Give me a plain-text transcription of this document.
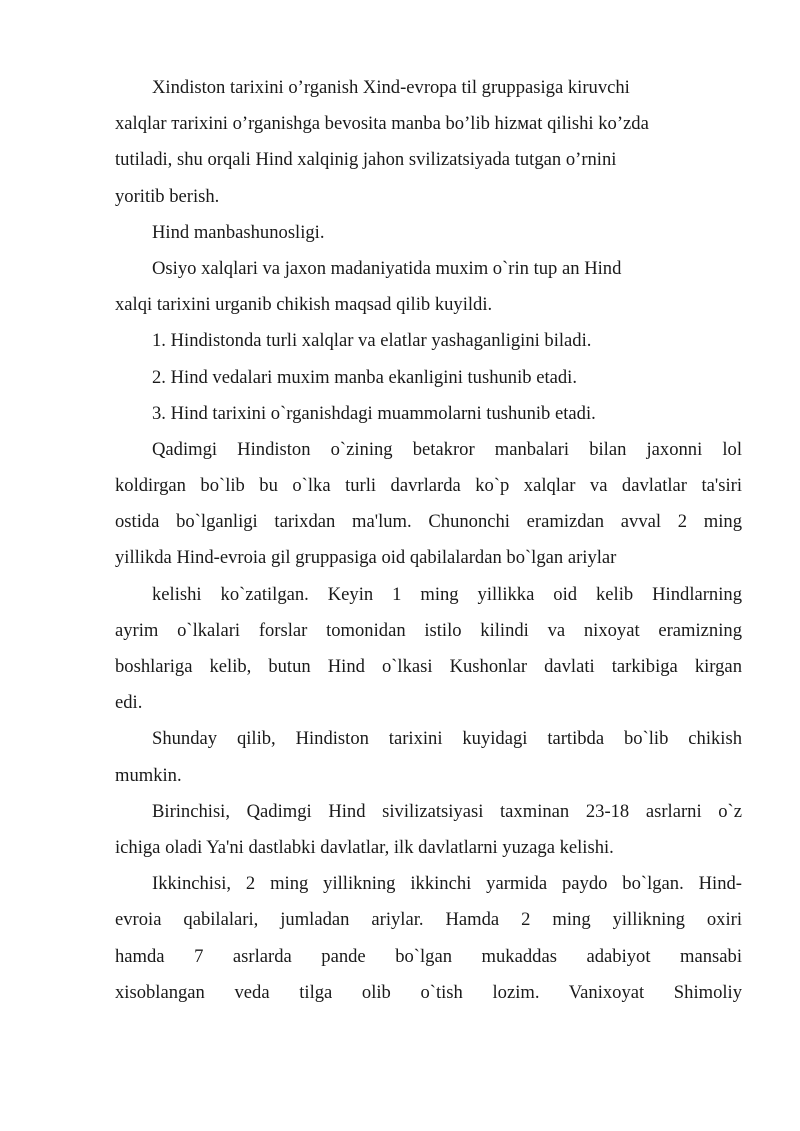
Xindiston tarixini o’rganish Xind-evropa til gruppasiga kiruvchi
xalqlar тarixini o’rganishga bevosita manba bo’lib hizмat qilishi ko’zda
tutiladi, shu orqali Hind xalqinig jahon svilizatsiyada tutgan o’rnini
yoritib berish.
Hind manbashunosligi.
Osiyo xalqlari va jaxon madaniyatida muxim o`rin tup an Hind
xalqi tarixini urganib chikish maqsad qilib kuyildi.
1. Hindistonda turli xalqlar va elatlar yashaganligini biladi.
2. Hind vedalari muxim manba ekanligini tushunib etadi.
3. Hind tarixini o`rganishdagi muammolarni tushunib etadi.
Qadimgi Hindiston o`zining betakror manbalari bilan jaxonni lol
koldirgan bo`lib bu o`lka turli davrlarda ko`p xalqlar va davlatlar ta'siri
ostida bo`lganligi tarixdan ma'lum. Chunonchi eramizdan avval 2 ming
yillikda Hind-evroia gil gruppasiga oid qabilalardan bo`lgan ariylar
kelishi ko`zatilgan. Keyin 1 ming yillikka oid kelib Hindlarning
ayrim o`lkalari forslar tomonidan istilo kilindi va nixoyat eramizning
boshlariga kelib, butun Hind o`lkasi Kushonlar davlati tarkibiga kirgan
edi.
Shunday qilib, Hindiston tarixini kuyidagi tartibda bo`lib chikish
mumkin.
Birinchisi, Qadimgi Hind sivilizatsiyasi taxminan 23-18 asrlarni o`z
ichiga oladi Ya'ni dastlabki davlatlar, ilk davlatlarni yuzaga kelishi.
Ikkinchisi, 2 ming yillikning ikkinchi yarmida paydo bo`lgan. Hind-
evroia qabilalari, jumladan ariylar. Hamda 2 ming yillikning oxiri
hamda 7 asrlarda pande bo`lgan mukaddas adabiyot mansabi
xisoblangan veda tilga olib o`tish lozim. Vanixoyat Shimoliy
